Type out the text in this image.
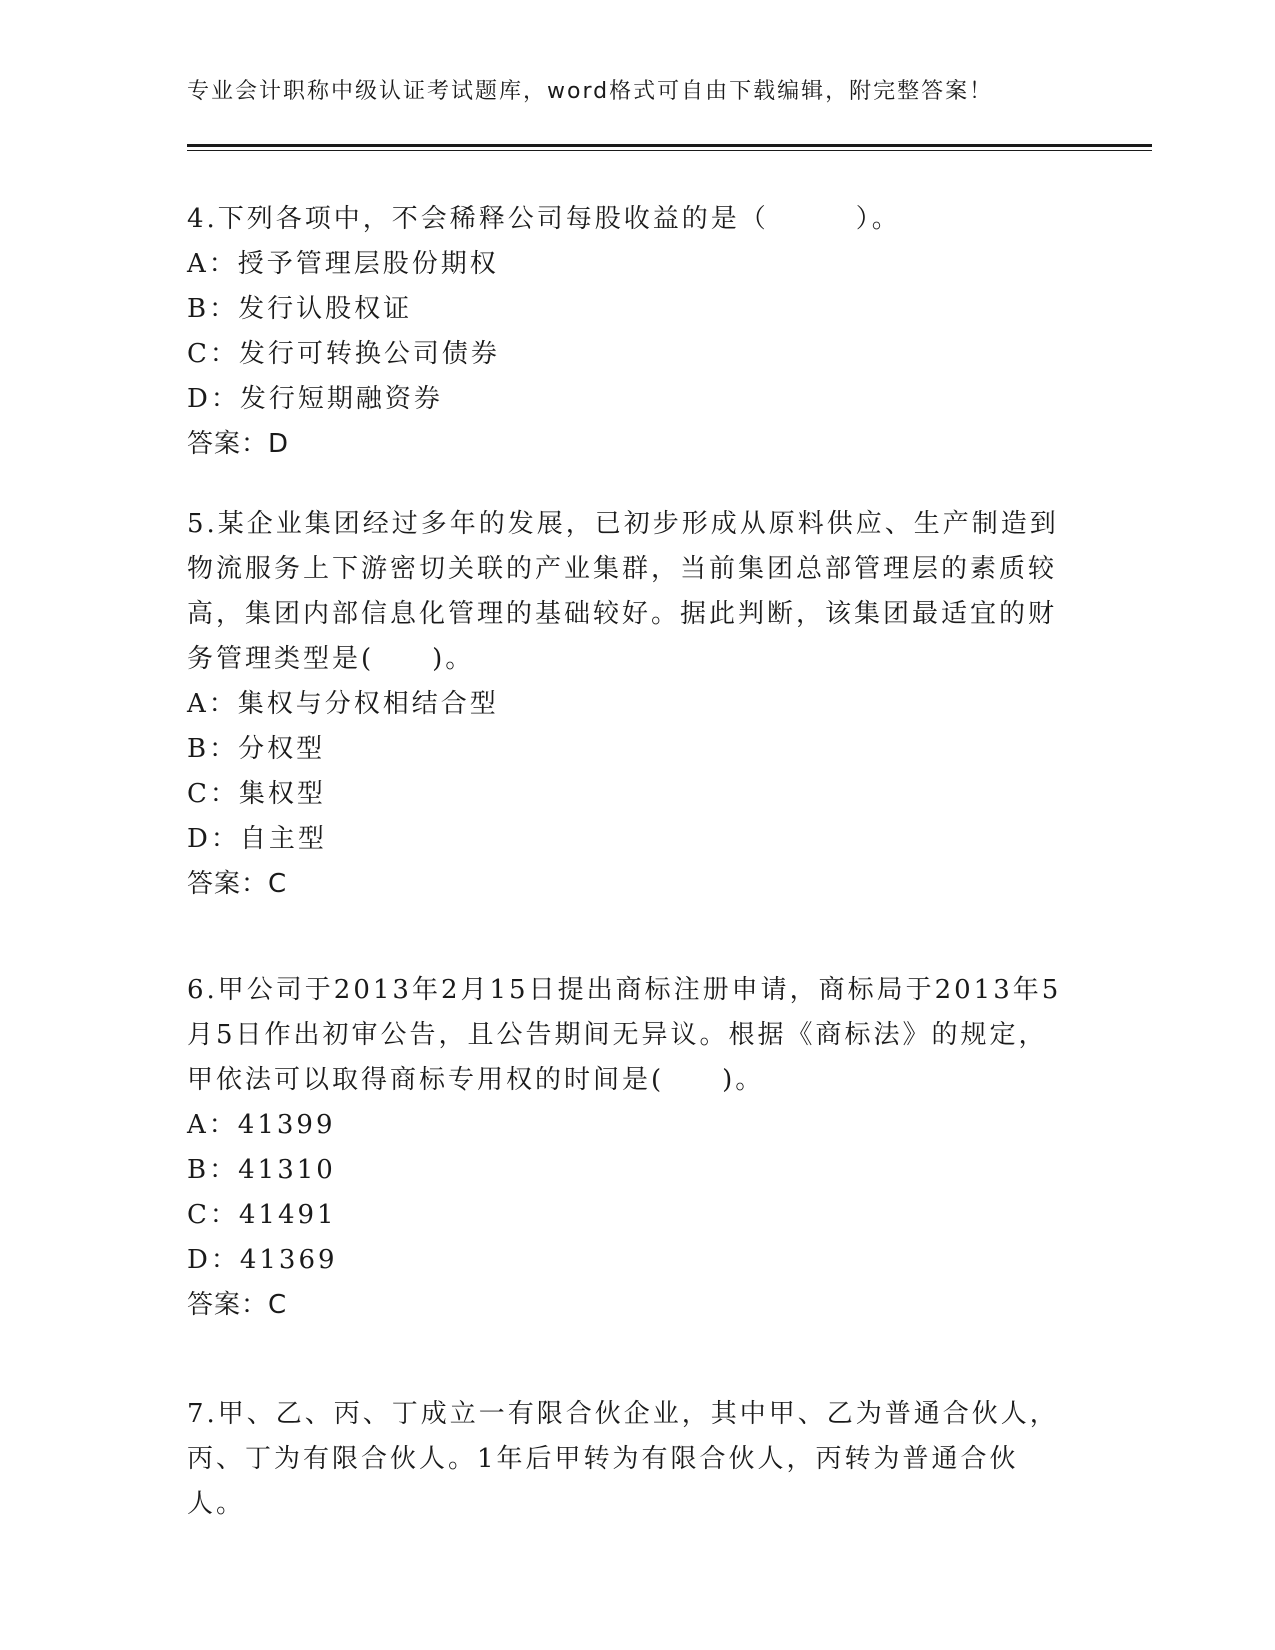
专业会计职称中级认证考试题库，word格式可自由下载编辑，附完整答案！

4.下列各项中，不会稀释公司每股收益的是（　　　）。

A：授予管理层股份期权

B：发行认股权证

C：发行可转换公司债券

D：发行短期融资券

答案：D

5.某企业集团经过多年的发展，已初步形成从原料供应、生产制造到物流服务上下游密切关联的产业集群，当前集团总部管理层的素质较高，集团内部信息化管理的基础较好。据此判断，该集团最适宜的财务管理类型是(　　)。

A：集权与分权相结合型

B：分权型

C：集权型

D：自主型

答案：C

6.甲公司于2013年2月15日提出商标注册申请，商标局于2013年5月5日作出初审公告，且公告期间无异议。根据《商标法》的规定，甲依法可以取得商标专用权的时间是(　　)。

A：41399

B：41310

C：41491

D：41369

答案：C

7.甲、乙、丙、丁成立一有限合伙企业，其中甲、乙为普通合伙人，丙、丁为有限合伙人。1年后甲转为有限合伙人，丙转为普通合伙人。
